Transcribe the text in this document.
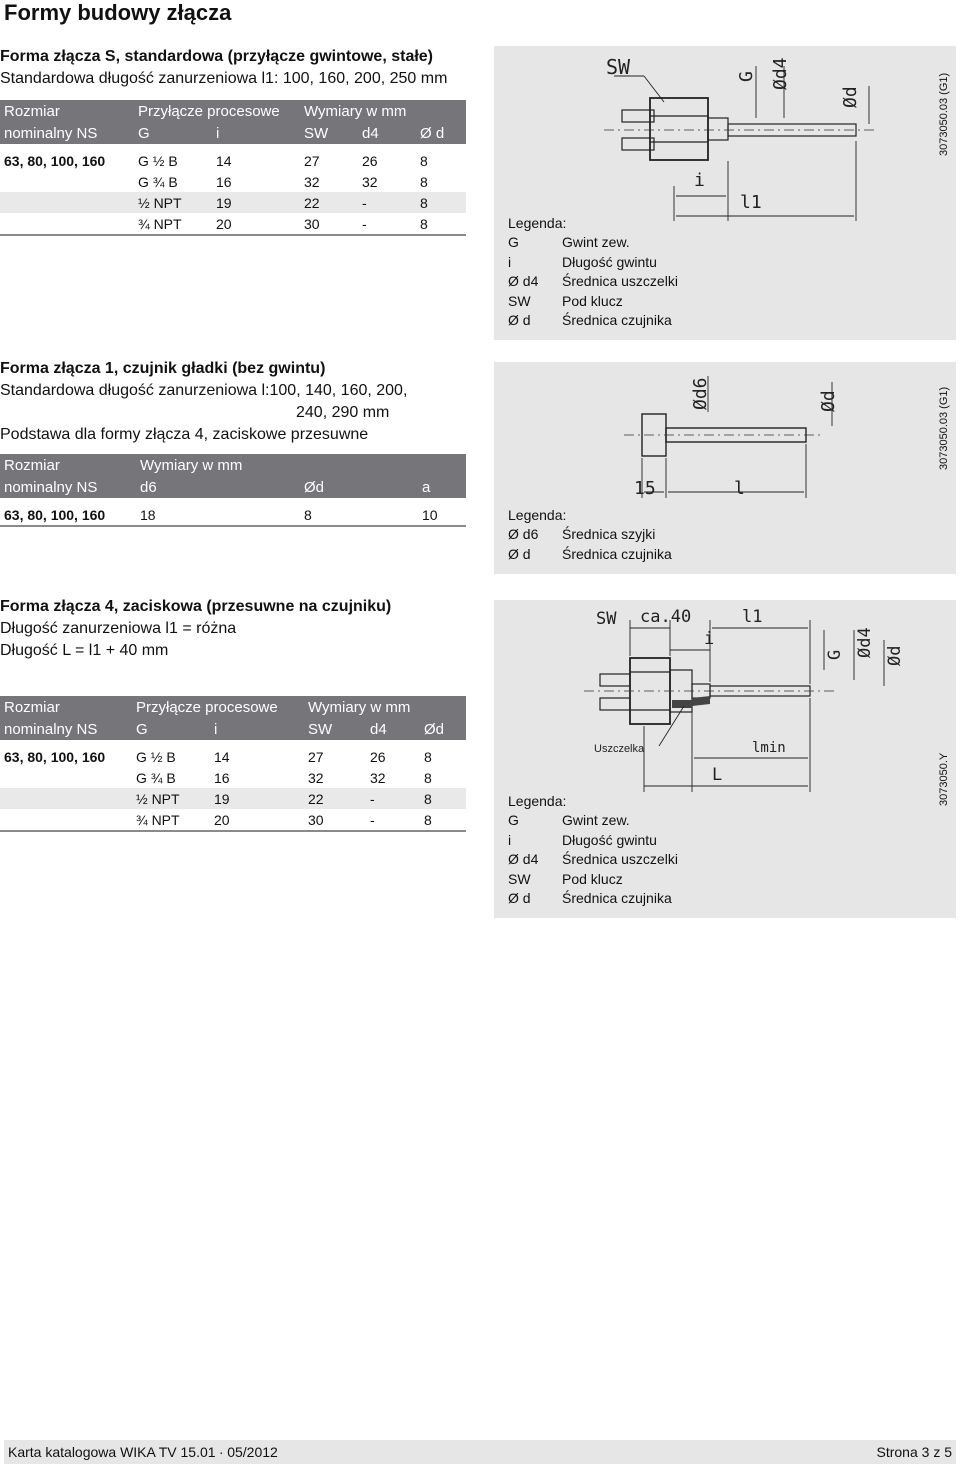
Formy budowy złącza
Forma złącza S, standardowa (przyłącze gwintowe, stałe)
Standardowa długość zanurzeniowa l1: 100, 160, 200, 250 mm
Rozmiar	Przyłącze procesowe		Wymiary w mm		
nominalny NS	G	i	SW	d4	Ø d

63, 80, 100, 160	G ½ B	14	27	26	8
	G ¾ B	16	32	32	8
	½ NPT	19	22	-	8
	¾ NPT	20	30	-	8
SW
i
l1
G Ød4
Ød
Legenda:
G	Gwint zew.
i	Długość gwintu
Ø d4	Średnica uszczelki
SW	Pod klucz
Ø d	Średnica czujnika
3073050.03 (G1)
Forma złącza 1, czujnik gładki (bez gwintu)
Standardowa długość zanurzeniowa l:100, 140, 160, 200,
240, 290 mm
Podstawa dla formy złącza 4, zaciskowe przesuwne
Rozmiar	Wymiary w mm		
nominalny NS	d6	Ød	a

63, 80, 100, 160	18	8	10
15	l
Ød6	Ød
Legenda:
Ø d6	Średnica szyjki
Ø d	Średnica czujnika
3073050.03 (G1)
Forma złącza 4, zaciskowa (przesuwne na czujniku)
Długość zanurzeniowa l1 = różna
Długość L = l1 + 40 mm
Rozmiar	Przyłącze procesowe		Wymiary w mm		
nominalny NS	G	i	SW	d4	Ød

63, 80, 100, 160	G ½ B	14	27	26	8
	G ¾ B	16	32	32	8
	½ NPT	19	22	-	8
	¾ NPT	20	30	-	8
SW ca.40	l1
i
Uszczelka	lmin
L
G Ød4 Ød
Legenda:
G	Gwint zew.
i	Długość gwintu
Ø d4	Średnica uszczelki
SW	Pod klucz
Ø d	Średnica czujnika
3073050.Y
Karta katalogowa WIKA TV 15.01 ∙ 05/2012	Strona 3 z 5
